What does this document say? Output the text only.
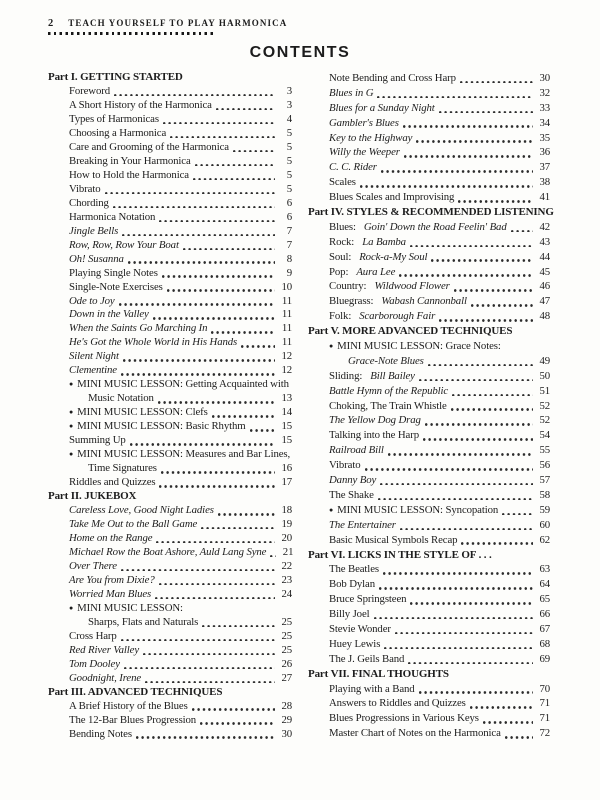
2 TEACH YOURSELF TO PLAY HARMONICA
CONTENTS
Part I. GETTING STARTED
Foreword	3
A Short History of the Harmonica	3
Types of Harmonicas	4
Choosing a Harmonica	5
Care and Grooming of the Harmonica	5
Breaking in Your Harmonica	5
How to Hold the Harmonica	5
Vibrato	5
Chording	6
Harmonica Notation	6
Jingle Bells	7
Row, Row, Row Your Boat	7
Oh! Susanna	8
Playing Single Notes	9
Single-Note Exercises	10
Ode to Joy	11
Down in the Valley	11
When the Saints Go Marching In	11
He's Got the Whole World in His Hands	11
Silent Night	12
Clementine	12
● MINI MUSIC LESSON: Getting Acquainted with
Music Notation	13
● MINI MUSIC LESSON: Clefs	14
● MINI MUSIC LESSON: Basic Rhythm	15
Summing Up	15
● MINI MUSIC LESSON: Measures and Bar Lines,
Time Signatures	16
Riddles and Quizzes	17
Part II. JUKEBOX
Careless Love, Good Night Ladies	18
Take Me Out to the Ball Game	19
Home on the Range	20
Michael Row the Boat Ashore, Auld Lang Syne	21
Over There	22
Are You from Dixie?	23
Worried Man Blues	24
● MINI MUSIC LESSON:
Sharps, Flats and Naturals	25
Cross Harp	25
Red River Valley	25
Tom Dooley	26
Goodnight, Irene	27
Part III. ADVANCED TECHNIQUES
A Brief History of the Blues	28
The 12-Bar Blues Progression	29
Bending Notes	30
Note Bending and Cross Harp	30
Blues in G	32
Blues for a Sunday Night	33
Gambler's Blues	34
Key to the Highway	35
Willy the Weeper	36
C. C. Rider	37
Scales	38
Blues Scales and Improvising	41
Part IV. STYLES & RECOMMENDED LISTENING
Blues: Goin' Down the Road Feelin' Bad	42
Rock: La Bamba	43
Soul: Rock-a-My Soul	44
Pop: Aura Lee	45
Country: Wildwood Flower	46
Bluegrass: Wabash Cannonball	47
Folk: Scarborough Fair	48
Part V. MORE ADVANCED TECHNIQUES
● MINI MUSIC LESSON: Grace Notes:
Grace-Note Blues	49
Sliding: Bill Bailey	50
Battle Hymn of the Republic	51
Choking, The Train Whistle	52
The Yellow Dog Drag	52
Talking into the Harp	54
Railroad Bill	55
Vibrato	56
Danny Boy	57
The Shake	58
● MINI MUSIC LESSON: Syncopation	59
The Entertainer	60
Basic Musical Symbols Recap	62
Part VI. LICKS IN THE STYLE OF . . .
The Beatles	63
Bob Dylan	64
Bruce Springsteen	65
Billy Joel	66
Stevie Wonder	67
Huey Lewis	68
The J. Geils Band	69
Part VII. FINAL THOUGHTS
Playing with a Band	70
Answers to Riddles and Quizzes	71
Blues Progressions in Various Keys	71
Master Chart of Notes on the Harmonica	72
